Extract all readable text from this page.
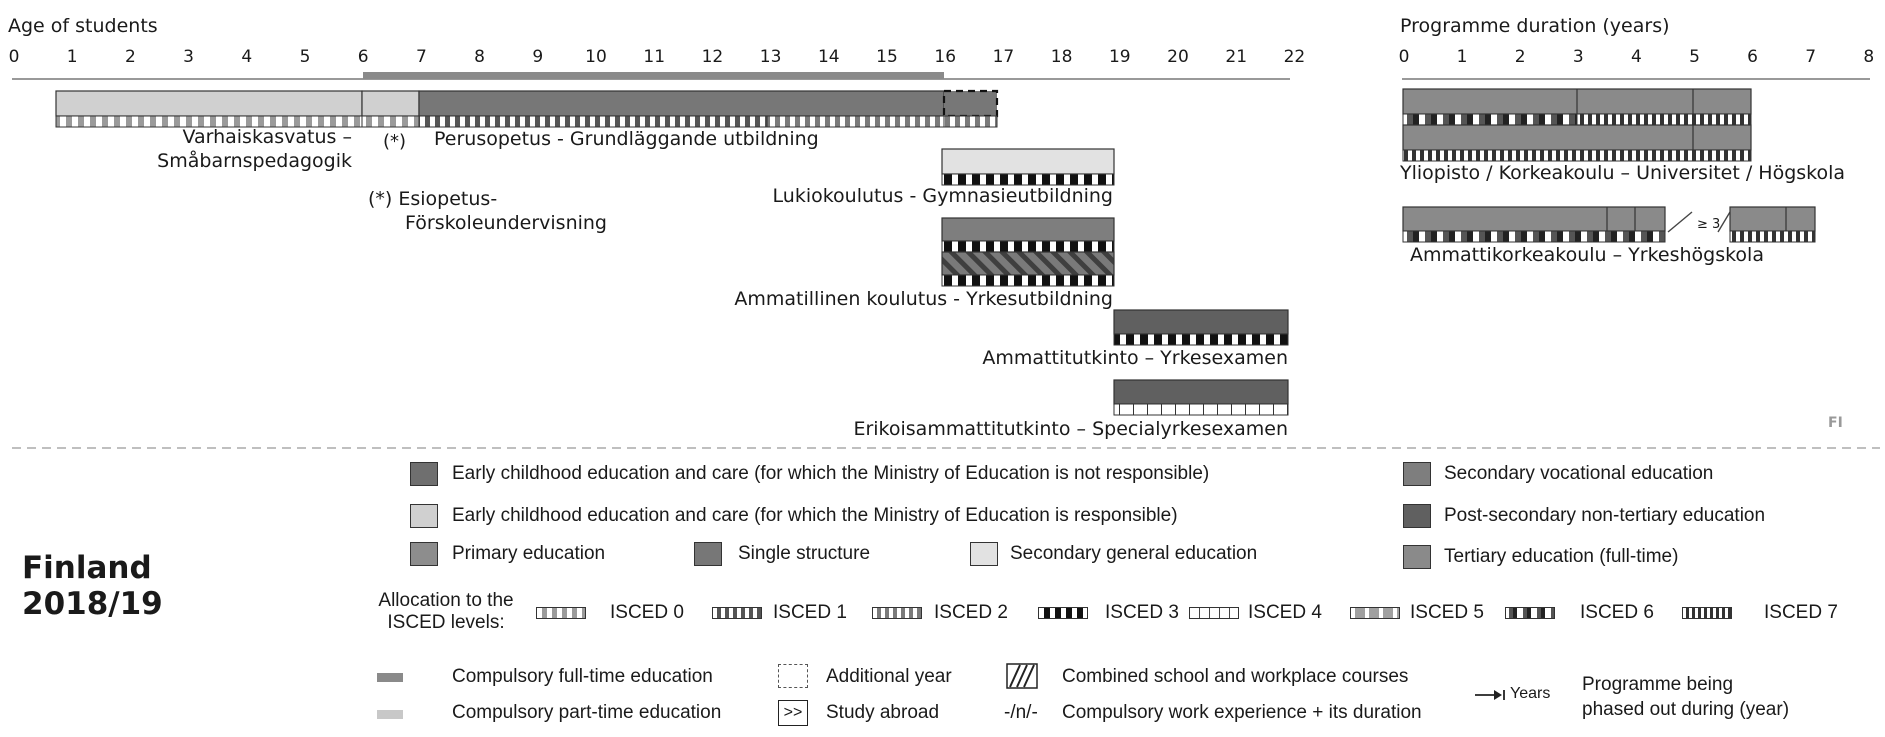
Age of students	Programme duration (years)
0	1	2	3	4	5	6	7	8	9 10 11 12 13 14 15 16 17 18 19 20 21 22	0	1	2	3	4	5	6	7	8
≥ 3
Varhaiskasvatus –
Småbarnspedagogik
(*) Perusopetus - Grundläggande utbildning
(*) Esiopetus-
Förskoleundervisning
Lukiokoulutus - Gymnasieutbildning
Ammatillinen koulutus - Yrkesutbildning
Ammattitutkinto – Yrkesexamen
Erikoisammattitutkinto – Specialyrkesexamen
Yliopisto / Korkeakoulu – Universitet / Högskola
Ammattikorkeakoulu – Yrkeshögskola
FI
Finland
2018/19
Early childhood education and care (for which the Ministry of Education is not responsible)	Secondary vocational education
Early childhood education and care (for which the Ministry of Education is responsible)	Post-secondary non-tertiary education
Primary education	Single structure	Secondary general education	Tertiary education (full-time)
Allocation to the
ISCED levels:	ISCED 0	ISCED 1	ISCED 2	ISCED 3	ISCED 4	ISCED 5	ISCED 6	ISCED 7
Compulsory full-time education	Additional year	Combined school and workplace courses
Compulsory part-time education	>> Study abroad	-/n/- Compulsory work experience + its duration
Years Programme being
phased out during (year)
